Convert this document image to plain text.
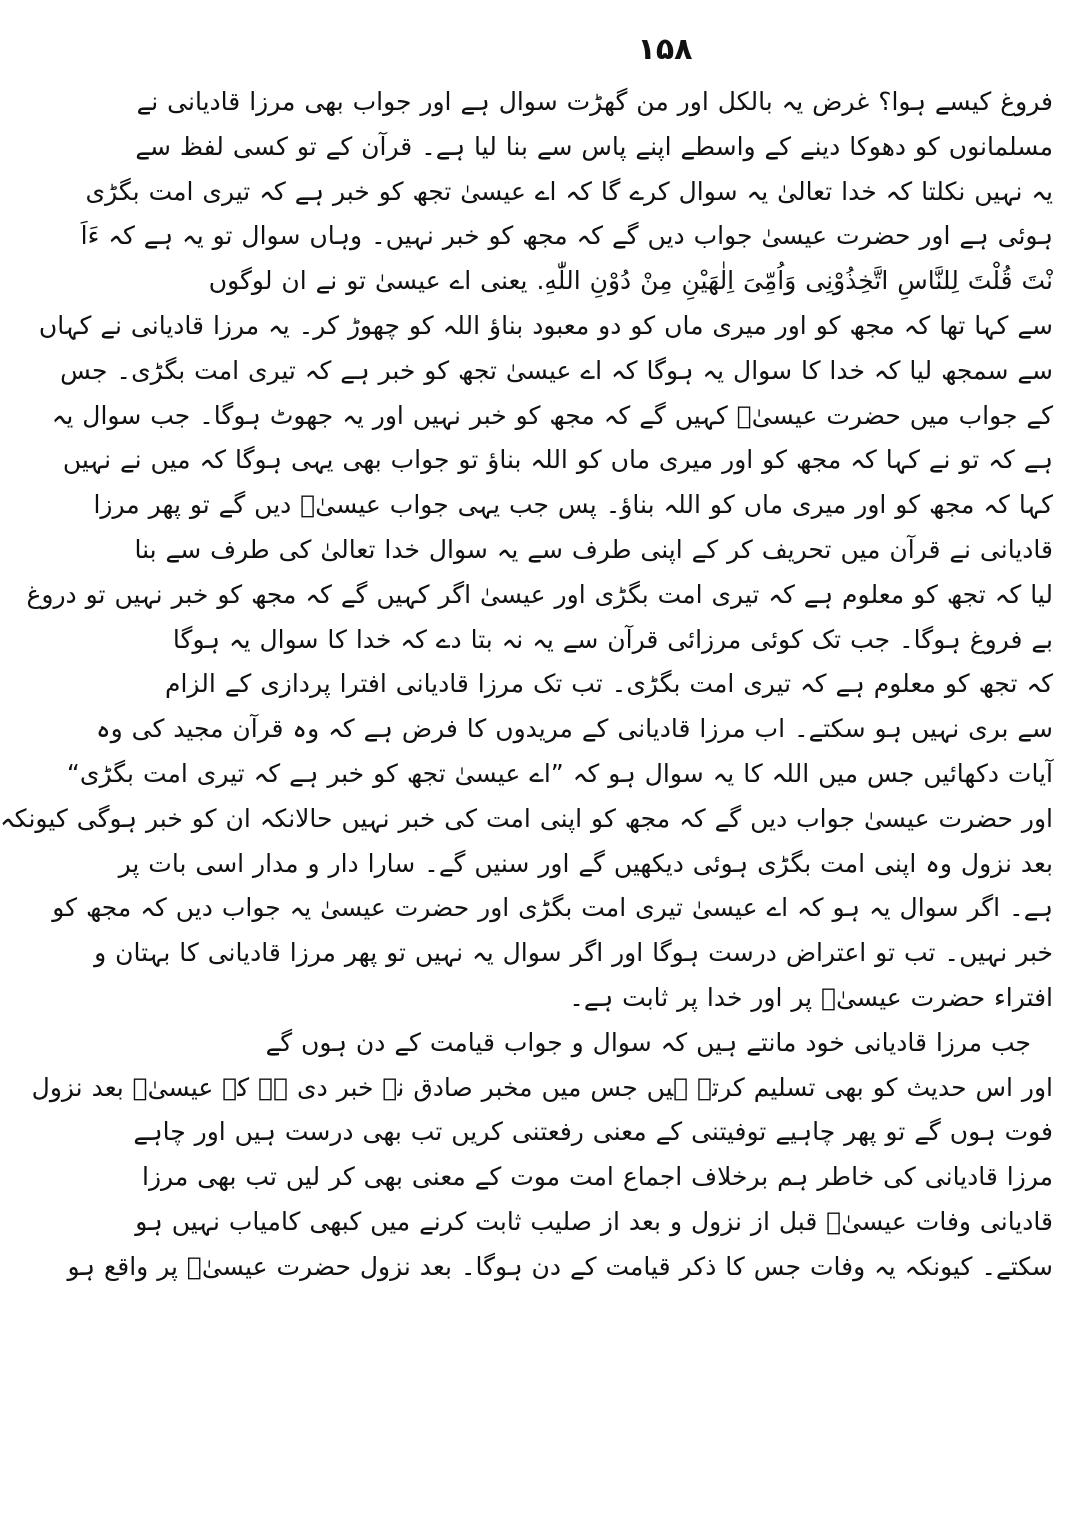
۱۵۸
فروغ کیسے ہوا؟ غرض یہ بالکل اور من گھڑت سوال ہے اور جواب بھی مرزا قادیانی نے
مسلمانوں کو دھوکا دینے کے واسطے اپنے پاس سے بنا لیا ہے۔ قرآن کے تو کسی لفظ سے
یہ نہیں نکلتا کہ خدا تعالیٰ یہ سوال کرے گا کہ اے عیسیٰ تجھ کو خبر ہے کہ تیری امت بگڑی
ہوئی ہے اور حضرت عیسیٰ جواب دیں گے کہ مجھ کو خبر نہیں۔ وہاں سوال تو یہ ہے کہ ءَاَ
نْتَ قُلْتَ لِلنَّاسِ اتَّخِذُوْنِی وَاُمِّیَ اِلٰهَیْنِ مِنْ دُوْنِ اللّٰهِ. یعنی اے عیسیٰ تو نے ان لوگوں
سے کہا تھا کہ مجھ کو اور میری ماں کو دو معبود بناؤ اللہ کو چھوڑ کر۔ یہ مرزا قادیانی نے کہاں
سے سمجھ لیا کہ خدا کا سوال یہ ہوگا کہ اے عیسیٰ تجھ کو خبر ہے کہ تیری امت بگڑی۔ جس
کے جواب میں حضرت عیسیٰؑ کہیں گے کہ مجھ کو خبر نہیں اور یہ جھوٹ ہوگا۔ جب سوال یہ
ہے کہ تو نے کہا کہ مجھ کو اور میری ماں کو اللہ بناؤ تو جواب بھی یہی ہوگا کہ میں نے نہیں
کہا کہ مجھ کو اور میری ماں کو اللہ بناؤ۔ پس جب یہی جواب عیسیٰؑ دیں گے تو پھر مرزا
قادیانی نے قرآن میں تحریف کر کے اپنی طرف سے یہ سوال خدا تعالیٰ کی طرف سے بنا
لیا کہ تجھ کو معلوم ہے کہ تیری امت بگڑی اور عیسیٰ اگر کہیں گے کہ مجھ کو خبر نہیں تو دروغ
بے فروغ ہوگا۔ جب تک کوئی مرزائی قرآن سے یہ نہ بتا دے کہ خدا کا سوال یہ ہوگا
کہ تجھ کو معلوم ہے کہ تیری امت بگڑی۔ تب تک مرزا قادیانی افترا پردازی کے الزام
سے بری نہیں ہو سکتے۔ اب مرزا قادیانی کے مریدوں کا فرض ہے کہ وہ قرآن مجید کی وہ
آیات دکھائیں جس میں اللہ کا یہ سوال ہو کہ ”اے عیسیٰ تجھ کو خبر ہے کہ تیری امت بگڑی“
اور حضرت عیسیٰ جواب دیں گے کہ مجھ کو اپنی امت کی خبر نہیں حالانکہ ان کو خبر ہوگی کیونکہ
بعد نزول وہ اپنی امت بگڑی ہوئی دیکھیں گے اور سنیں گے۔ سارا دار و مدار اسی بات پر
ہے۔ اگر سوال یہ ہو کہ اے عیسیٰ تیری امت بگڑی اور حضرت عیسیٰ یہ جواب دیں کہ مجھ کو
خبر نہیں۔ تب تو اعتراض درست ہوگا اور اگر سوال یہ نہیں تو پھر مرزا قادیانی کا بہتان و
افتراء حضرت عیسیٰؑ پر اور خدا پر ثابت ہے۔
جب مرزا قادیانی خود مانتے ہیں کہ سوال و جواب قیامت کے دن ہوں گے
اور اس حدیث کو بھی تسلیم کرتے ہیں جس میں مخبر صادق نے خبر دی ہے کہ عیسیٰؑ بعد نزول
فوت ہوں گے تو پھر چاہیے توفیتنی کے معنی رفعتنی کریں تب بھی درست ہیں اور چاہے
مرزا قادیانی کی خاطر ہم برخلاف اجماع امت موت کے معنی بھی کر لیں تب بھی مرزا
قادیانی وفات عیسیٰؑ قبل از نزول و بعد از صلیب ثابت کرنے میں کبھی کامیاب نہیں ہو
سکتے۔ کیونکہ یہ وفات جس کا ذکر قیامت کے دن ہوگا۔ بعد نزول حضرت عیسیٰؑ پر واقع ہو
